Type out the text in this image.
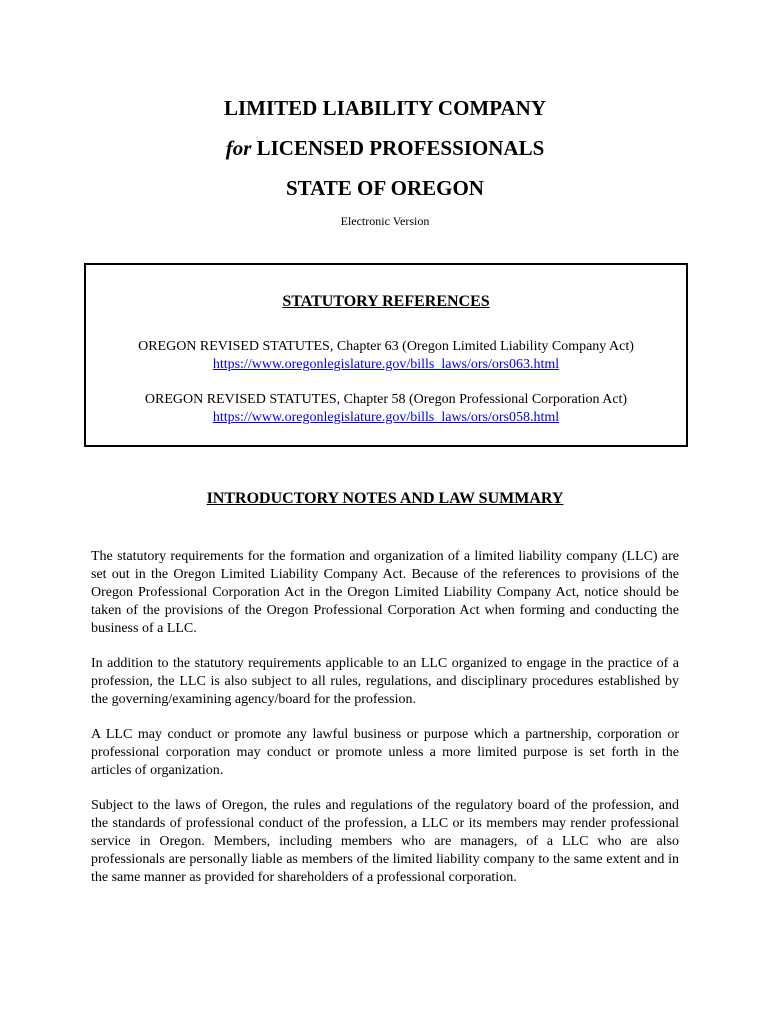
LIMITED LIABILITY COMPANY
for LICENSED PROFESSIONALS
STATE OF OREGON
Electronic Version
STATUTORY REFERENCES
OREGON REVISED STATUTES, Chapter 63 (Oregon Limited Liability Company Act)
https://www.oregonlegislature.gov/bills_laws/ors/ors063.html
OREGON REVISED STATUTES, Chapter 58 (Oregon Professional Corporation Act)
https://www.oregonlegislature.gov/bills_laws/ors/ors058.html
INTRODUCTORY NOTES AND LAW SUMMARY
The statutory requirements for the formation and organization of a limited liability company (LLC) are set out in the Oregon Limited Liability Company Act. Because of the references to provisions of the Oregon Professional Corporation Act in the Oregon Limited Liability Company Act, notice should be taken of the provisions of the Oregon Professional Corporation Act when forming and conducting the business of a LLC.
In addition to the statutory requirements applicable to an LLC organized to engage in the practice of a profession, the LLC is also subject to all rules, regulations, and disciplinary procedures established by the governing/examining agency/board for the profession.
A LLC may conduct or promote any lawful business or purpose which a partnership, corporation or professional corporation may conduct or promote unless a more limited purpose is set forth in the articles of organization.
Subject to the laws of Oregon, the rules and regulations of the regulatory board of the profession, and the standards of professional conduct of the profession, a LLC or its members may render professional service in Oregon. Members, including members who are managers, of a LLC who are also professionals are personally liable as members of the limited liability company to the same extent and in the same manner as provided for shareholders of a professional corporation.
